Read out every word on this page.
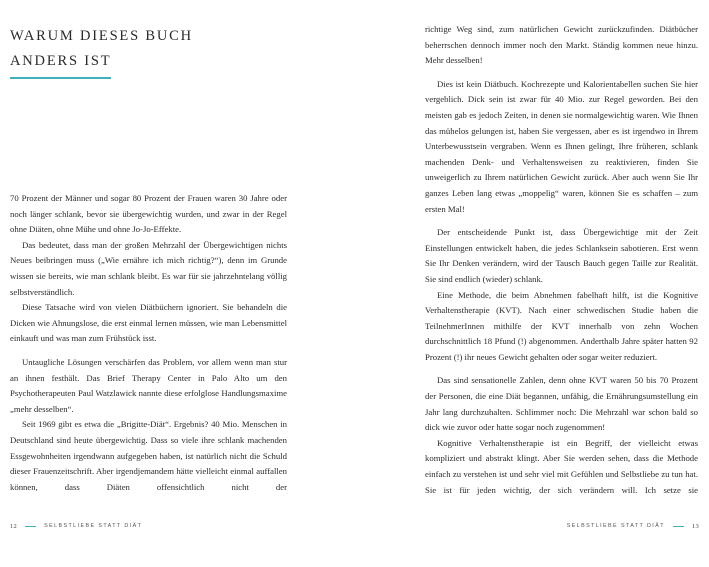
WARUM DIESES BUCH
ANDERS IST

70 Prozent der Männer und sogar 80 Prozent der Frauen waren 30 Jahre oder noch länger schlank, bevor sie übergewichtig wurden, und zwar in der Regel ohne Diäten, ohne Mühe und ohne Jo-Jo-Effekte.

Das bedeutet, dass man der großen Mehrzahl der Übergewichtigen nichts Neues beibringen muss („Wie ernähre ich mich richtig?“), denn im Grunde wissen sie bereits, wie man schlank bleibt. Es war für sie jahrzehntelang völlig selbstverständlich.

Diese Tatsache wird von vielen Diätbüchern ignoriert. Sie behandeln die Dicken wie Ahnungslose, die erst einmal lernen müssen, wie man Lebensmittel einkauft und was man zum Frühstück isst.

Untaugliche Lösungen verschärfen das Problem, vor allem wenn man stur an ihnen festhält. Das Brief Therapy Center in Palo Alto um den Psychotherapeuten Paul Watzlawick nannte diese erfolglose Handlungsmaxime „mehr desselben“.

Seit 1969 gibt es etwa die „Brigitte-Diät“. Ergebnis? 40 Mio. Menschen in Deutschland sind heute übergewichtig. Dass so viele ihre schlank machenden Essgewohnheiten irgendwann aufgegeben haben, ist natürlich nicht die Schuld dieser Frauenzeitschrift. Aber irgendjemandem hätte vielleicht einmal auffallen können, dass Diäten offensichtlich nicht der

12	SELBSTLIEBE STATT DIÄT

richtige Weg sind, zum natürlichen Gewicht zurückzufinden. Diätbücher beherrschen dennoch immer noch den Markt. Ständig kommen neue hinzu. Mehr desselben!

Dies ist kein Diätbuch. Kochrezepte und Kalorientabellen suchen Sie hier vergeblich. Dick sein ist zwar für 40 Mio. zur Regel geworden. Bei den meisten gab es jedoch Zeiten, in denen sie normalgewichtig waren. Wie Ihnen das mühelos gelungen ist, haben Sie vergessen, aber es ist irgendwo in Ihrem Unterbewusstsein vergraben. Wenn es Ihnen gelingt, Ihre früheren, schlank machenden Denk- und Verhaltensweisen zu reaktivieren, finden Sie unweigerlich zu Ihrem natürlichen Gewicht zurück. Aber auch wenn Sie Ihr ganzes Leben lang etwas „moppelig“ waren, können Sie es schaffen – zum ersten Mal!

Der entscheidende Punkt ist, dass Übergewichtige mit der Zeit Einstellungen entwickelt haben, die jedes Schlanksein sabotieren. Erst wenn Sie Ihr Denken verändern, wird der Tausch Bauch gegen Taille zur Realität. Sie sind endlich (wieder) schlank.

Eine Methode, die beim Abnehmen fabelhaft hilft, ist die Kognitive Verhaltenstherapie (KVT). Nach einer schwedischen Studie haben die TeilnehmerInnen mithilfe der KVT innerhalb von zehn Wochen durchschnittlich 18 Pfund (!) abgenommen. Anderthalb Jahre später hatten 92 Prozent (!) ihr neues Gewicht gehalten oder sogar weiter reduziert.

Das sind sensationelle Zahlen, denn ohne KVT waren 50 bis 70 Prozent der Personen, die eine Diät begannen, unfähig, die Ernährungsumstellung ein Jahr lang durchzuhalten. Schlimmer noch: Die Mehrzahl war schon bald so dick wie zuvor oder hatte sogar noch zugenommen!

Kognitive Verhaltenstherapie ist ein Begriff, der vielleicht etwas kompliziert und abstrakt klingt. Aber Sie werden sehen, dass die Methode einfach zu verstehen ist und sehr viel mit Gefühlen und Selbstliebe zu tun hat. Sie ist für jeden wichtig, der sich verändern will. Ich setze sie

SELBSTLIEBE STATT DIÄT	13
